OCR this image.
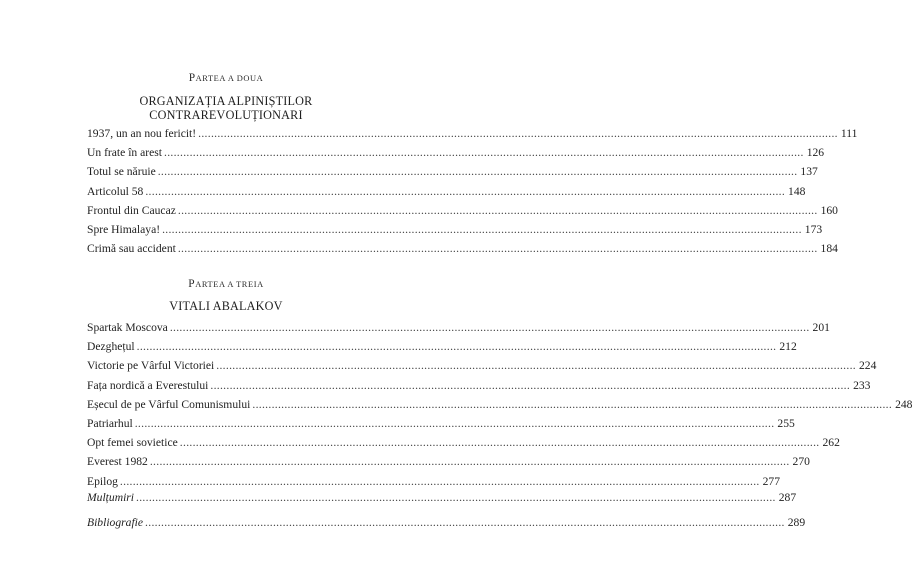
PARTEA A DOUA
ORGANIZAȚIA ALPINIȘTILOR
CONTRAREVOLUȚIONARI
1937, un an nou fericit! ........................................................................................................................................................................................................ 111
Un frate în arest ........................................................................................................................................................................................................ 126
Totul se năruie ........................................................................................................................................................................................................ 137
Articolul 58 ........................................................................................................................................................................................................ 148
Frontul din Caucaz ........................................................................................................................................................................................................ 160
Spre Himalaya! ........................................................................................................................................................................................................ 173
Crimă sau accident ........................................................................................................................................................................................................ 184
PARTEA A TREIA
VITALI ABALAKOV
Spartak Moscova ........................................................................................................................................................................................................ 201
Dezghețul ........................................................................................................................................................................................................ 212
Victorie pe Vârful Victoriei ........................................................................................................................................................................................................ 224
Fața nordică a Everestului ........................................................................................................................................................................................................ 233
Eșecul de pe Vârful Comunismului ........................................................................................................................................................................................................ 248
Patriarhul ........................................................................................................................................................................................................ 255
Opt femei sovietice ........................................................................................................................................................................................................ 262
Everest 1982 ........................................................................................................................................................................................................ 270
Epilog ........................................................................................................................................................................................................ 277
Mulțumiri ........................................................................................................................................................................................................ 287
Bibliografie ........................................................................................................................................................................................................ 289
